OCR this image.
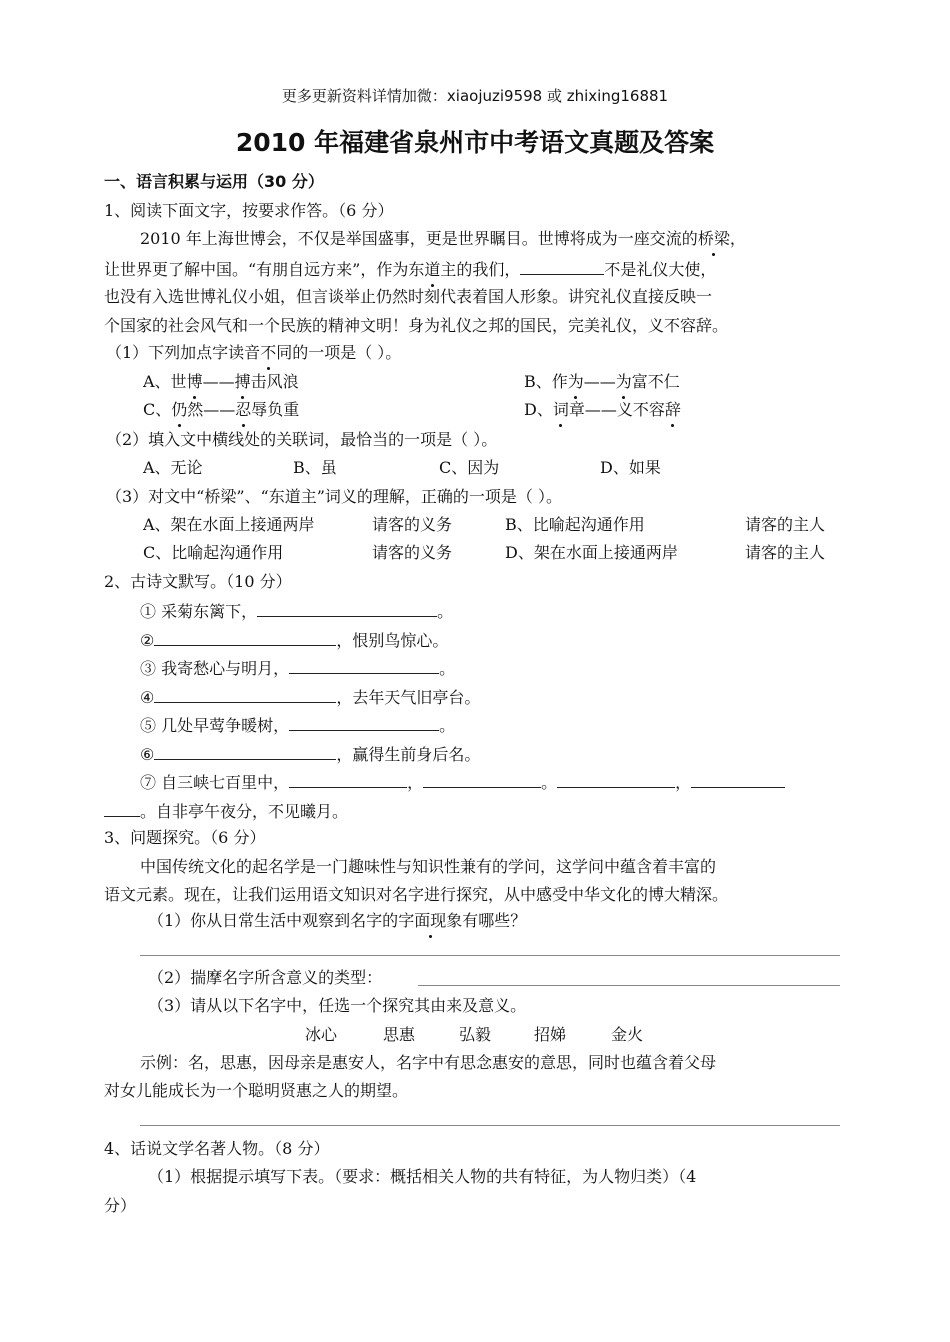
更多更新资料详情加微：xiaojuzi9598 或 zhixing16881
2010 年福建省泉州市中考语文真题及答案
一、语言积累与运用（30 分）
1、阅读下面文字，按要求作答。（6 分）
2010 年上海世博会，不仅是举国盛事，更是世界瞩目。世博将成为一座交流的桥梁，
让世界更了解中国。“有朋自远方来”，作为东道主的我们，	不是礼仪大使，
也没有入选世博礼仪小姐，但言谈举止仍然时刻代表着国人形象。讲究礼仪直接反映一
个国家的社会风气和一个民族的精神文明！身为礼仪之邦的国民，完美礼仪，义不容辞。
（1）下列加点字读音不同的一项是（ ）。
A、世博——搏击风浪	B、作为——为富不仁
C、仍然——忍辱负重	D、词章——义不容辞
（2）填入文中横线处的关联词，最恰当的一项是（ ）。
A、无论	B、虽	C、因为	D、如果
（3）对文中“桥梁”、“东道主”词义的理解，正确的一项是（ ）。
A、架在水面上接通两岸	请客的义务	B、比喻起沟通作用	请客的主人
C、比喻起沟通作用	请客的义务	D、架在水面上接通两岸	请客的主人
2、古诗文默写。（10 分）
① 采菊东篱下，	。
②	，恨别鸟惊心。
③ 我寄愁心与明月，	。
④	，去年天气旧亭台。
⑤ 几处早莺争暖树，	。
⑥	，赢得生前身后名。
⑦ 自三峡七百里中，	，	。	，
。自非亭午夜分，不见曦月。
3、问题探究。（6 分）
中国传统文化的起名学是一门趣味性与知识性兼有的学问，这学问中蕴含着丰富的
语文元素。现在，让我们运用语文知识对名字进行探究，从中感受中华文化的博大精深。
（1）你从日常生活中观察到名字的字面现象有哪些？
（2）揣摩名字所含意义的类型：
（3）请从以下名字中，任选一个探究其由来及意义。
冰心	思惠	弘毅	招娣	金火
示例：名，思惠，因母亲是惠安人，名字中有思念惠安的意思，同时也蕴含着父母
对女儿能成长为一个聪明贤惠之人的期望。
4、话说文学名著人物。（8 分）
（1）根据提示填写下表。（要求：概括相关人物的共有特征，为人物归类）（4
分）
